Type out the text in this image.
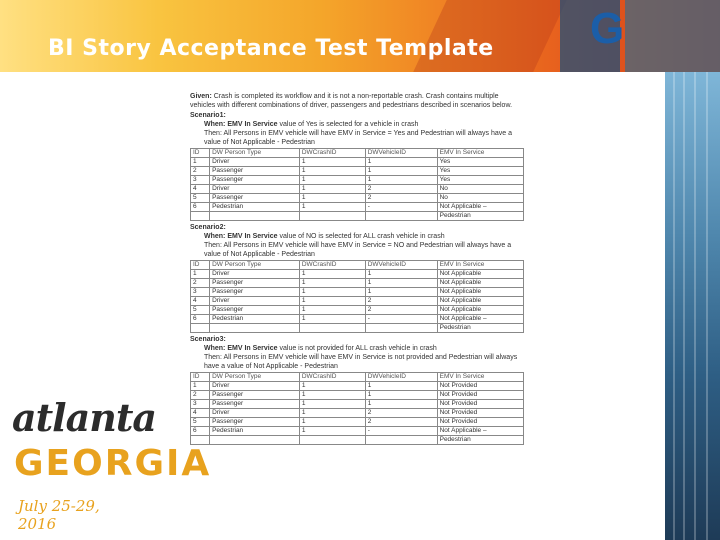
G
BI Story Acceptance Test Template
atlanta
GEORGIA
July 25-29, 2016

Given: Crash is completed its workflow and it is not a non-reportable crash. Crash contains multiple vehicles with different combinations of driver, passengers and pedestrians described in scenarios below.

Scenario1:

When: EMV In Service value of Yes is selected for a vehicle in crash

Then: All Persons in EMV vehicle will have EMV in Service = Yes and Pedestrian will always have a value of Not Applicable - Pedestrian

ID	DW Person Type	DWCrashID	DWVehicleID	EMV In Service
1	Driver	1	1	Yes
2	Passenger	1	1	Yes
3	Passenger	1	1	Yes
4	Driver	1	2	No
5	Passenger	1	2	No
6	Pedestrian	1	-	Not Applicable –
				Pedestrian

Scenario2:

When: EMV In Service value of NO is selected for ALL crash vehicle in crash

Then: All Persons in EMV vehicle will have EMV in Service = NO and Pedestrian will always have a value of Not Applicable - Pedestrian

ID	DW Person Type	DWCrashID	DWVehicleID	EMV In Service
1	Driver	1	1	Not Applicable
2	Passenger	1	1	Not Applicable
3	Passenger	1	1	Not Applicable
4	Driver	1	2	Not Applicable
5	Passenger	1	2	Not Applicable
6	Pedestrian	1	-	Not Applicable –
				Pedestrian

Scenario3:

When: EMV In Service value is not provided for ALL crash vehicle in crash

Then: All Persons in EMV vehicle will have EMV in Service is not provided and Pedestrian will always have a value of Not Applicable - Pedestrian

ID	DW Person Type	DWCrashID	DWVehicleID	EMV In Service
1	Driver	1	1	Not Provided
2	Passenger	1	1	Not Provided
3	Passenger	1	1	Not Provided
4	Driver	1	2	Not Provided
5	Passenger	1	2	Not Provided
6	Pedestrian	1	-	Not Applicable –
				Pedestrian
